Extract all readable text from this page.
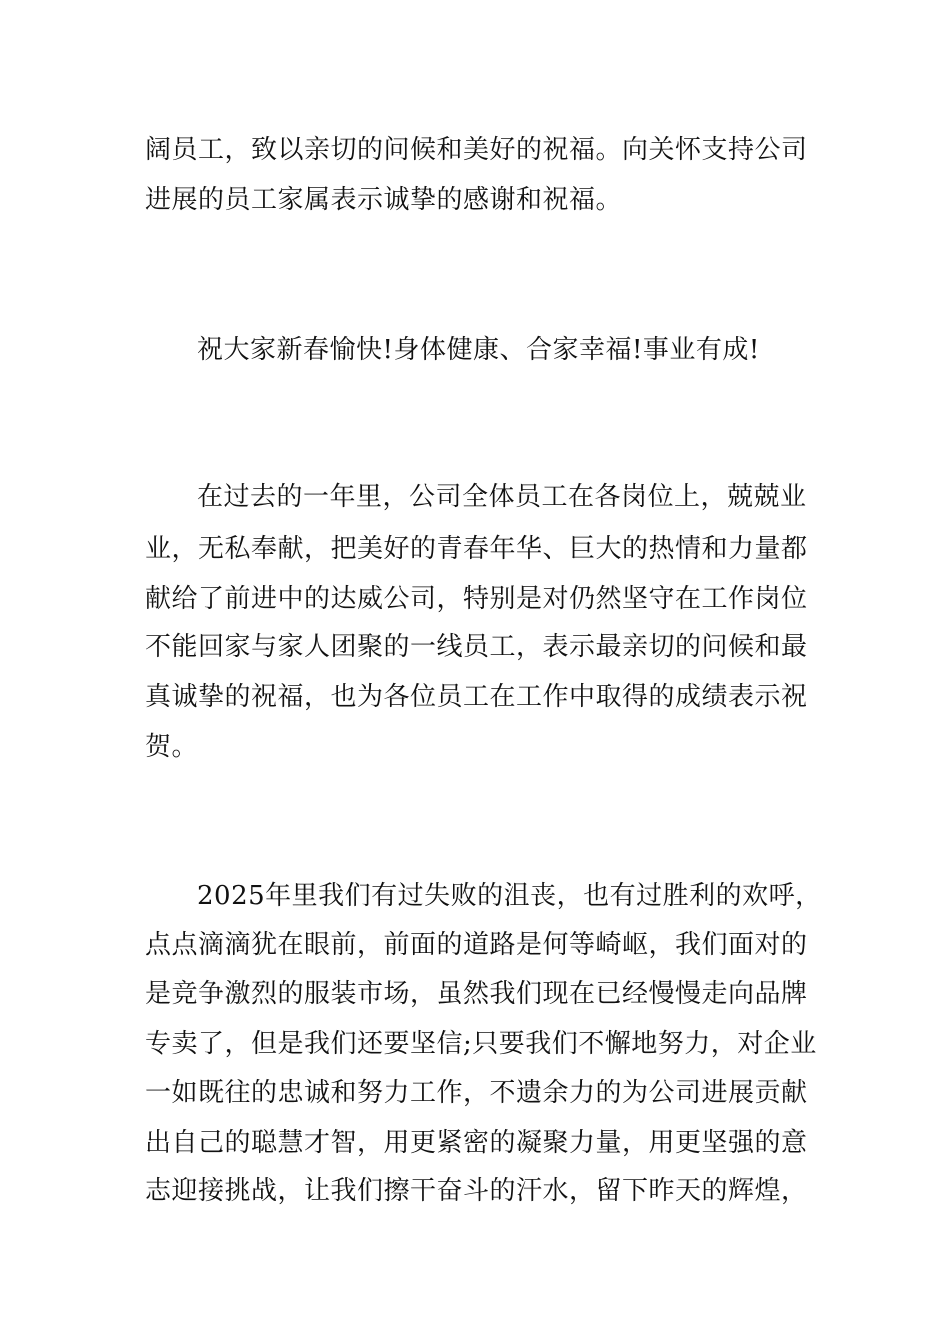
阔员工，致以亲切的问候和美好的祝福。向关怀支持公司
进展的员工家属表示诚挚的感谢和祝福。
祝大家新春愉快!身体健康、合家幸福!事业有成!
在过去的一年里，公司全体员工在各岗位上，兢兢业
业，无私奉献，把美好的青春年华、巨大的热情和力量都
献给了前进中的达威公司，特别是对仍然坚守在工作岗位
不能回家与家人团聚的一线员工，表示最亲切的问候和最
真诚挚的祝福，也为各位员工在工作中取得的成绩表示祝
贺。
2025年里我们有过失败的沮丧，也有过胜利的欢呼，
点点滴滴犹在眼前，前面的道路是何等崎岖，我们面对的
是竞争激烈的服装市场，虽然我们现在已经慢慢走向品牌
专卖了，但是我们还要坚信;只要我们不懈地努力，对企业
一如既往的忠诚和努力工作，不遗余力的为公司进展贡献
出自己的聪慧才智，用更紧密的凝聚力量，用更坚强的意
志迎接挑战，让我们擦干奋斗的汗水，留下昨天的辉煌，
